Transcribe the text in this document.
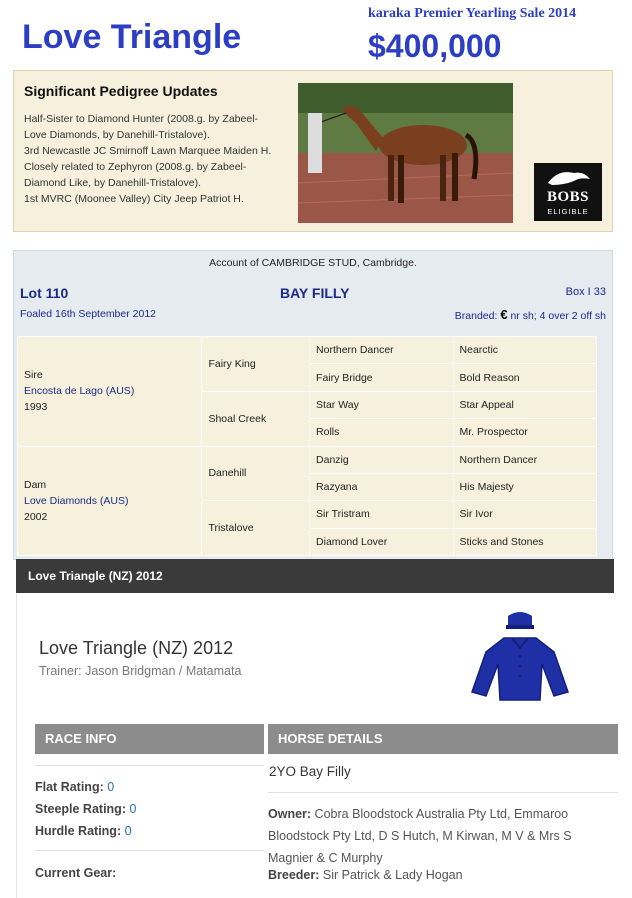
Love Triangle
karaka Premier Yearling Sale 2014
$400,000
Significant Pedigree Updates

Half-Sister to Diamond Hunter (2008.g. by Zabeel-Love Diamonds, by Danehill-Tristalove).

3rd Newcastle JC Smirnoff Lawn Marquee Maiden H.

Closely related to Zephyron (2008.g. by Zabeel-Diamond Like, by Danehill-Tristalove).

1st MVRC (Moonee Valley) City Jeep Patriot H.	BOBS
ELIGIBLE
Account of CAMBRIDGE STUD, Cambridge.
Lot 110	BAY FILLY	Box I 33
Foaled 16th September 2012	Branded: € nr sh; 4 over 2 off sh
Sire
Encosta de Lago (AUS)
1993	Fairy King	Northern Dancer	Nearctic
		Fairy Bridge	Bold Reason
	Shoal Creek	Star Way	Star Appeal
		Rolls	Mr. Prospector

Dam
Love Diamonds (AUS)
2002	Danehill	Danzig	Northern Dancer
		Razyana	His Majesty
	Tristalove	Sir Tristram	Sir Ivor
		Diamond Lover	Sticks and Stones
Love Triangle (NZ) 2012
Love Triangle (NZ) 2012
Trainer: Jason Bridgman / Matamata
RACE INFO	HORSE DETAILS
2YO Bay Filly
Flat Rating: 0
Steeple Rating: 0
Hurdle Rating: 0
Current Gear:
Owner: Cobra Bloodstock Australia Pty Ltd, Emmaroo Bloodstock Pty Ltd, D S Hutch, M Kirwan, M V & Mrs S Magnier & C Murphy
Breeder: Sir Patrick & Lady Hogan
